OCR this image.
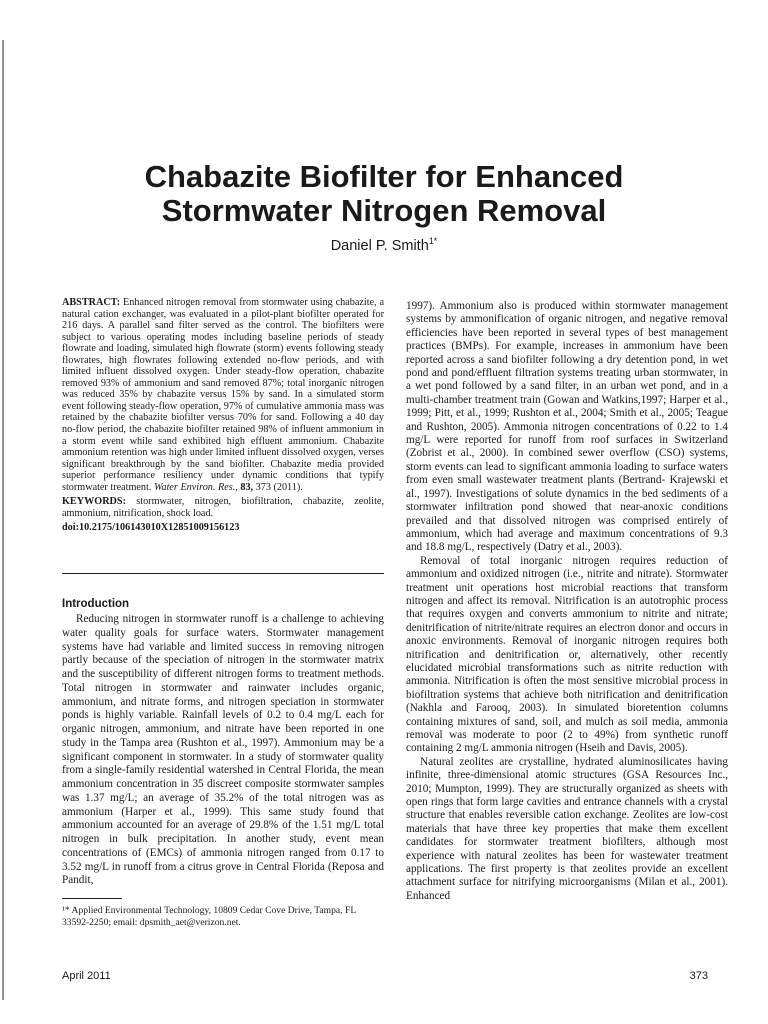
Chabazite Biofilter for Enhanced
Stormwater Nitrogen Removal
Daniel P. Smith$^{1*}$

ABSTRACT: Enhanced nitrogen removal from stormwater using chabazite, a natural cation exchanger, was evaluated in a pilot-plant biofilter operated for 216 days. A parallel sand filter served as the control. The biofilters were subject to various operating modes including baseline periods of steady flowrate and loading, simulated high flowrate (storm) events following steady flowrates, high flowrates following extended no-flow periods, and with limited influent dissolved oxygen. Under steady-flow operation, chabazite removed 93% of ammonium and sand removed 87%; total inorganic nitrogen was reduced 35% by chabazite versus 15% by sand. In a simulated storm event following steady-flow operation, 97% of cumulative ammonia mass was retained by the chabazite biofilter versus 70% for sand. Following a 40 day no-flow period, the chabazite biofilter retained 98% of influent ammonium in a storm event while sand exhibited high effluent ammonium. Chabazite ammonium retention was high under limited influent dissolved oxygen, verses significant breakthrough by the sand biofilter. Chabazite media provided superior performance resiliency under dynamic conditions that typify stormwater treatment. Water Environ. Res., 83, 373 (2011).

KEYWORDS: stormwater, nitrogen, biofiltration, chabazite, zeolite, ammonium, nitrification, shock load.

doi:10.2175/106143010X12851009156123

Introduction

Reducing nitrogen in stormwater runoff is a challenge to achieving water quality goals for surface waters. Stormwater management systems have had variable and limited success in removing nitrogen partly because of the speciation of nitrogen in the stormwater matrix and the susceptibility of different nitrogen forms to treatment methods. Total nitrogen in stormwater and rainwater includes organic, ammonium, and nitrate forms, and nitrogen speciation in stormwater ponds is highly variable. Rainfall levels of 0.2 to 0.4 mg/L each for organic nitrogen, ammonium, and nitrate have been reported in one study in the Tampa area (Rushton et al., 1997). Ammonium may be a significant component in stormwater. In a study of stormwater quality from a single-family residential watershed in Central Florida, the mean ammonium concentration in 35 discreet composite stormwater samples was 1.37 mg/L; an average of 35.2% of the total nitrogen was as ammonium (Harper et al., 1999). This same study found that ammonium accounted for an average of 29.8% of the 1.51 mg/L total nitrogen in bulk precipitation. In another study, event mean concentrations of (EMCs) of ammonia nitrogen ranged from 0.17 to 3.52 mg/L in runoff from a citrus grove in Central Florida (Reposa and Pandit,

¹* Applied Environmental Technology, 10809 Cedar Cove Drive, Tampa, FL 33592-2250; email: dpsmith_aet@verizon.net.

1997). Ammonium also is produced within stormwater management systems by ammonification of organic nitrogen, and negative removal efficiencies have been reported in several types of best management practices (BMPs). For example, increases in ammonium have been reported across a sand biofilter following a dry detention pond, in wet pond and pond/effluent filtration systems treating urban stormwater, in a wet pond followed by a sand filter, in an urban wet pond, and in a multi-chamber treatment train (Gowan and Watkins,1997; Harper et al., 1999; Pitt, et al., 1999; Rushton et al., 2004; Smith et al., 2005; Teague and Rushton, 2005). Ammonia nitrogen concentrations of 0.22 to 1.4 mg/L were reported for runoff from roof surfaces in Switzerland (Zobrist et al., 2000). In combined sewer overflow (CSO) systems, storm events can lead to significant ammonia loading to surface waters from even small wastewater treatment plants (Bertrand- Krajewski et al., 1997). Investigations of solute dynamics in the bed sediments of a stormwater infiltration pond showed that near-anoxic conditions prevailed and that dissolved nitrogen was comprised entirely of ammonium, which had average and maximum concentrations of 9.3 and 18.8 mg/L, respectively (Datry et al., 2003).

Removal of total inorganic nitrogen requires reduction of ammonium and oxidized nitrogen (i.e., nitrite and nitrate). Stormwater treatment unit operations host microbial reactions that transform nitrogen and affect its removal. Nitrification is an autotrophic process that requires oxygen and converts ammonium to nitrite and nitrate; denitrification of nitrite/nitrate requires an electron donor and occurs in anoxic environments. Removal of inorganic nitrogen requires both nitrification and denitrification or, alternatively, other recently elucidated microbial transformations such as nitrite reduction with ammonia. Nitrification is often the most sensitive microbial process in biofiltration systems that achieve both nitrification and denitrification (Nakhla and Farooq, 2003). In simulated bioretention columns containing mixtures of sand, soil, and mulch as soil media, ammonia removal was moderate to poor (2 to 49%) from synthetic runoff containing 2 mg/L ammonia nitrogen (Hseih and Davis, 2005).

Natural zeolites are crystalline, hydrated aluminosilicates having infinite, three-dimensional atomic structures (GSA Resources Inc., 2010; Mumpton, 1999). They are structurally organized as sheets with open rings that form large cavities and entrance channels with a crystal structure that enables reversible cation exchange. Zeolites are low-cost materials that have three key properties that make them excellent candidates for stormwater treatment biofilters, although most experience with natural zeolites has been for wastewater treatment applications. The first property is that zeolites provide an excellent attachment surface for nitrifying microorganisms (Milan et al., 2001). Enhanced

April 2011	373
